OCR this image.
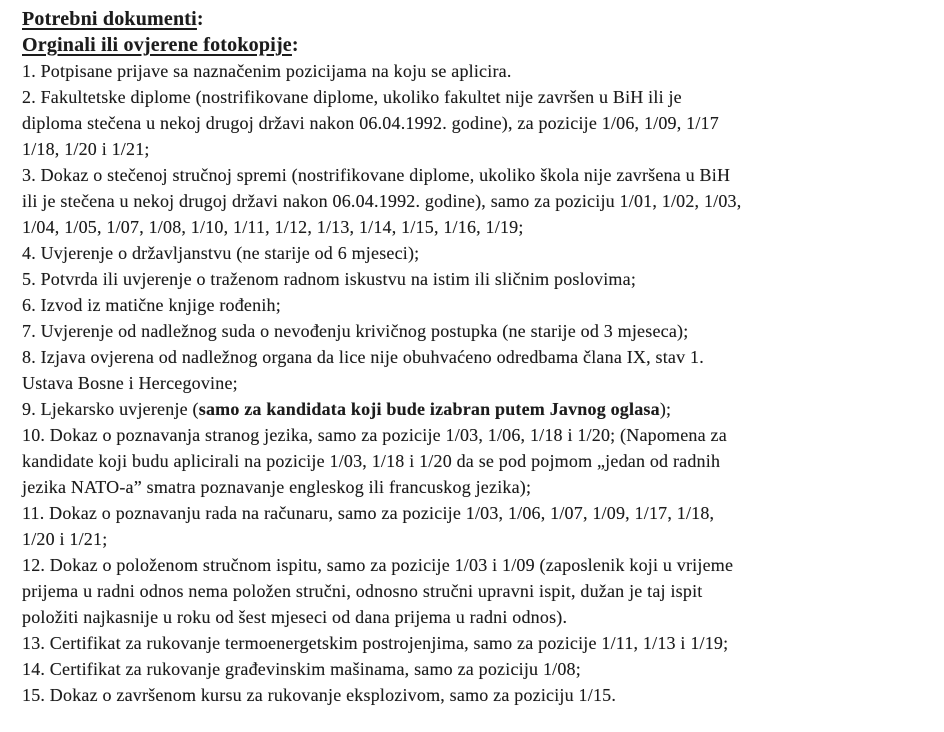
Potrebni dokumenti:
Orginali ili ovjerene fotokopije:
1. Potpisane prijave sa naznačenim pozicijama na koju se aplicira.
2. Fakultetske diplome (nostrifikovane diplome, ukoliko fakultet nije završen u BiH ili je
diploma stečena u nekoj drugoj državi nakon 06.04.1992. godine), za pozicije 1/06, 1/09, 1/17
1/18, 1/20 i 1/21;
3. Dokaz o stečenoj stručnoj spremi (nostrifikovane diplome, ukoliko škola nije završena u BiH
ili je stečena u nekoj drugoj državi nakon 06.04.1992. godine), samo za poziciju 1/01, 1/02, 1/03,
1/04, 1/05, 1/07, 1/08, 1/10, 1/11, 1/12, 1/13, 1/14, 1/15, 1/16, 1/19;
4. Uvjerenje o državljanstvu (ne starije od 6 mjeseci);
5. Potvrda ili uvjerenje o traženom radnom iskustvu na istim ili sličnim poslovima;
6. Izvod iz matične knjige rođenih;
7. Uvjerenje od nadležnog suda o nevođenju krivičnog postupka (ne starije od 3 mjeseca);
8. Izjava ovjerena od nadležnog organa da lice nije obuhvaćeno odredbama člana IX, stav 1.
Ustava Bosne i Hercegovine;
9. Ljekarsko uvjerenje (samo za kandidata koji bude izabran putem Javnog oglasa);
10. Dokaz o poznavanja stranog jezika, samo za pozicije 1/03, 1/06, 1/18 i 1/20; (Napomena za
kandidate koji budu aplicirali na pozicije 1/03, 1/18 i 1/20 da se pod pojmom „jedan od radnih
jezika NATO-a” smatra poznavanje engleskog ili francuskog jezika);
11. Dokaz o poznavanju rada na računaru, samo za pozicije 1/03, 1/06, 1/07, 1/09, 1/17, 1/18,
1/20 i 1/21;
12. Dokaz o položenom stručnom ispitu, samo za pozicije 1/03 i 1/09 (zaposlenik koji u vrijeme
prijema u radni odnos nema položen stručni, odnosno stručni upravni ispit, dužan je taj ispit
položiti najkasnije u roku od šest mjeseci od dana prijema u radni odnos).
13. Certifikat za rukovanje termoenergetskim postrojenjima, samo za pozicije 1/11, 1/13 i 1/19;
14. Certifikat za rukovanje građevinskim mašinama, samo za poziciju 1/08;
15. Dokaz o završenom kursu za rukovanje eksplozivom, samo za poziciju 1/15.
